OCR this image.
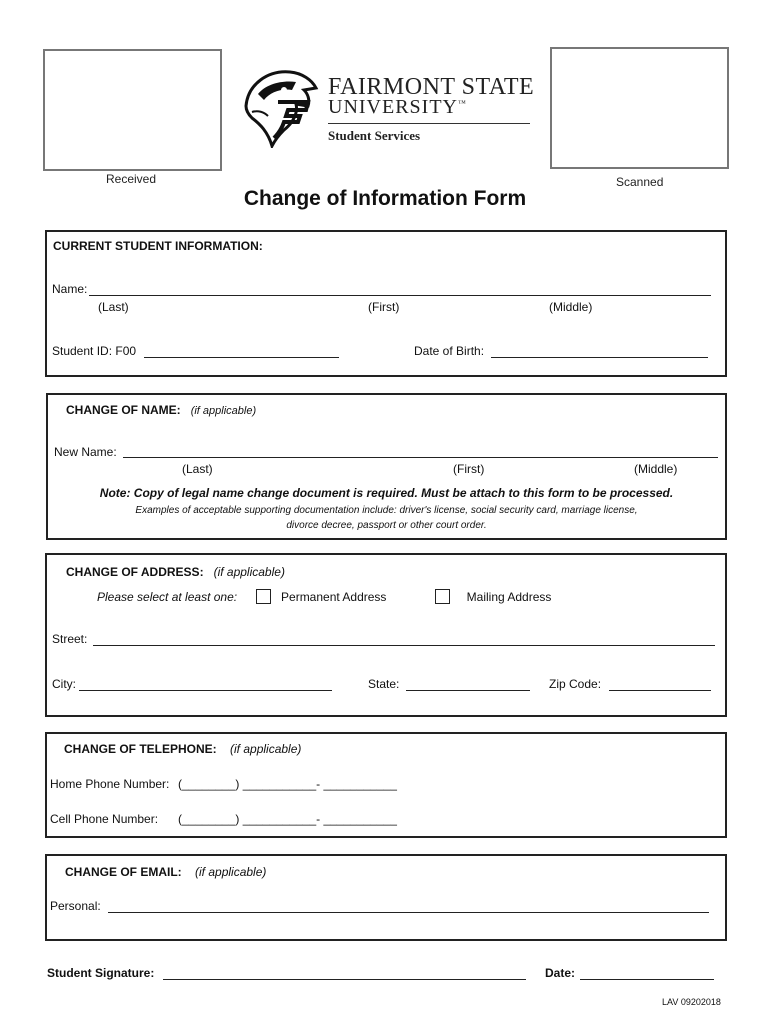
Received	Scanned
FAIRMONT STATE
UNIVERSITY™
Student Services
Change of Information Form
CURRENT STUDENT INFORMATION:
Name:
(Last)	(First)	(Middle)
Student ID: F00	Date of Birth:
CHANGE OF NAME: (if applicable)
New Name:
(Last)	(First)	(Middle)
Note: Copy of legal name change document is required. Must be attach to this form to be processed.
Examples of acceptable supporting documentation include: driver's license, social security card, marriage license,
divorce decree, passport or other court order.
CHANGE OF ADDRESS: (if applicable)
Please select at least one:	Permanent Address	Mailing Address
Street:
City:	State:	Zip Code:
CHANGE OF TELEPHONE: (if applicable)
Home Phone Number: (________) ___________- ___________
Cell Phone Number: (________) ___________- ___________
CHANGE OF EMAIL: (if applicable)
Personal:
Student Signature:	Date:
LAV 09202018
